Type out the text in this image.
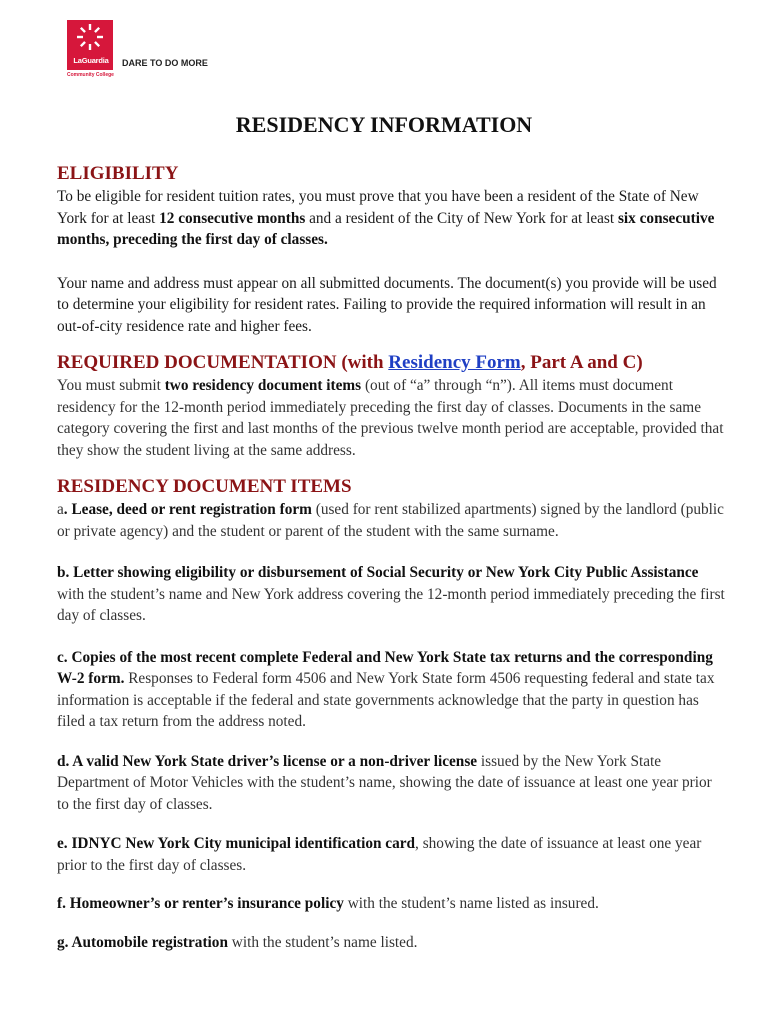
LaGuardia
Community College
DARE TO DO MORE
RESIDENCY INFORMATION
ELIGIBILITY

To be eligible for resident tuition rates, you must prove that you have been a resident of the State of New York for at least 12 consecutive months and a resident of the City of New York for at least six consecutive months, preceding the first day of classes.

Your name and address must appear on all submitted documents. The document(s) you provide will be used to determine your eligibility for resident rates. Failing to provide the required information will result in an out-of-city residence rate and higher fees.

REQUIRED DOCUMENTATION (with Residency Form, Part A and C)

You must submit two residency document items (out of “a” through “n”). All items must document residency for the 12-month period immediately preceding the first day of classes. Documents in the same category covering the first and last months of the previous twelve month period are acceptable, provided that they show the student living at the same address.

RESIDENCY DOCUMENT ITEMS

a. Lease, deed or rent registration form (used for rent stabilized apartments) signed by the landlord (public or private agency) and the student or parent of the student with the same surname.

b. Letter showing eligibility or disbursement of Social Security or New York City Public Assistance with the student’s name and New York address covering the 12-month period immediately preceding the first day of classes.

c. Copies of the most recent complete Federal and New York State tax returns and the corresponding W-2 form. Responses to Federal form 4506 and New York State form 4506 requesting federal and state tax information is acceptable if the federal and state governments acknowledge that the party in question has filed a tax return from the address noted.

d. A valid New York State driver’s license or a non-driver license issued by the New York State Department of Motor Vehicles with the student’s name, showing the date of issuance at least one year prior to the first day of classes.

e. IDNYC New York City municipal identification card, showing the date of issuance at least one year prior to the first day of classes.

f. Homeowner’s or renter’s insurance policy with the student’s name listed as insured.

g. Automobile registration with the student’s name listed.
